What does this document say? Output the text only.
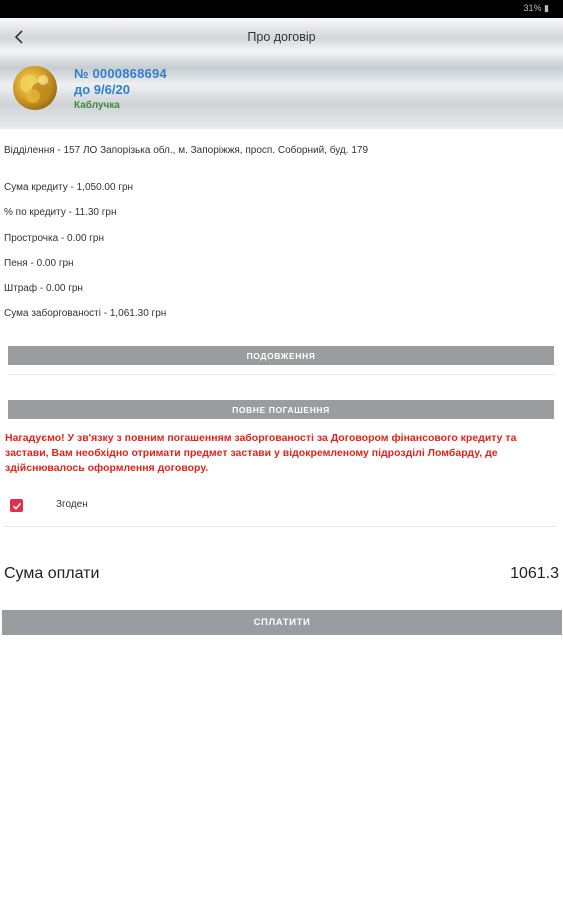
31% ▮
Про договір
№ 0000868694
до 9/6/20
Каблучка
Відділення - 157 ЛО Запорізька обл., м. Запоріжжя, просп. Соборний, буд. 179
Сума кредиту - 1,050.00 грн
% по кредиту - 11.30 грн
Прострочка - 0.00 грн
Пеня - 0.00 грн
Штраф - 0.00 грн
Сума заборгованості - 1,061.30 грн
ПОДОВЖЕННЯ
ПОВНЕ ПОГАШЕННЯ
Нагадуємо! У зв'язку з повним погашенням заборгованості за Договором фінансового кредиту та застави, Вам необхідно отримати предмет застави у відокремленому підрозділі Ломбарду, де здійснювалось оформлення договору.
Згоден
Сума оплати	1061.3
СПЛАТИТИ
